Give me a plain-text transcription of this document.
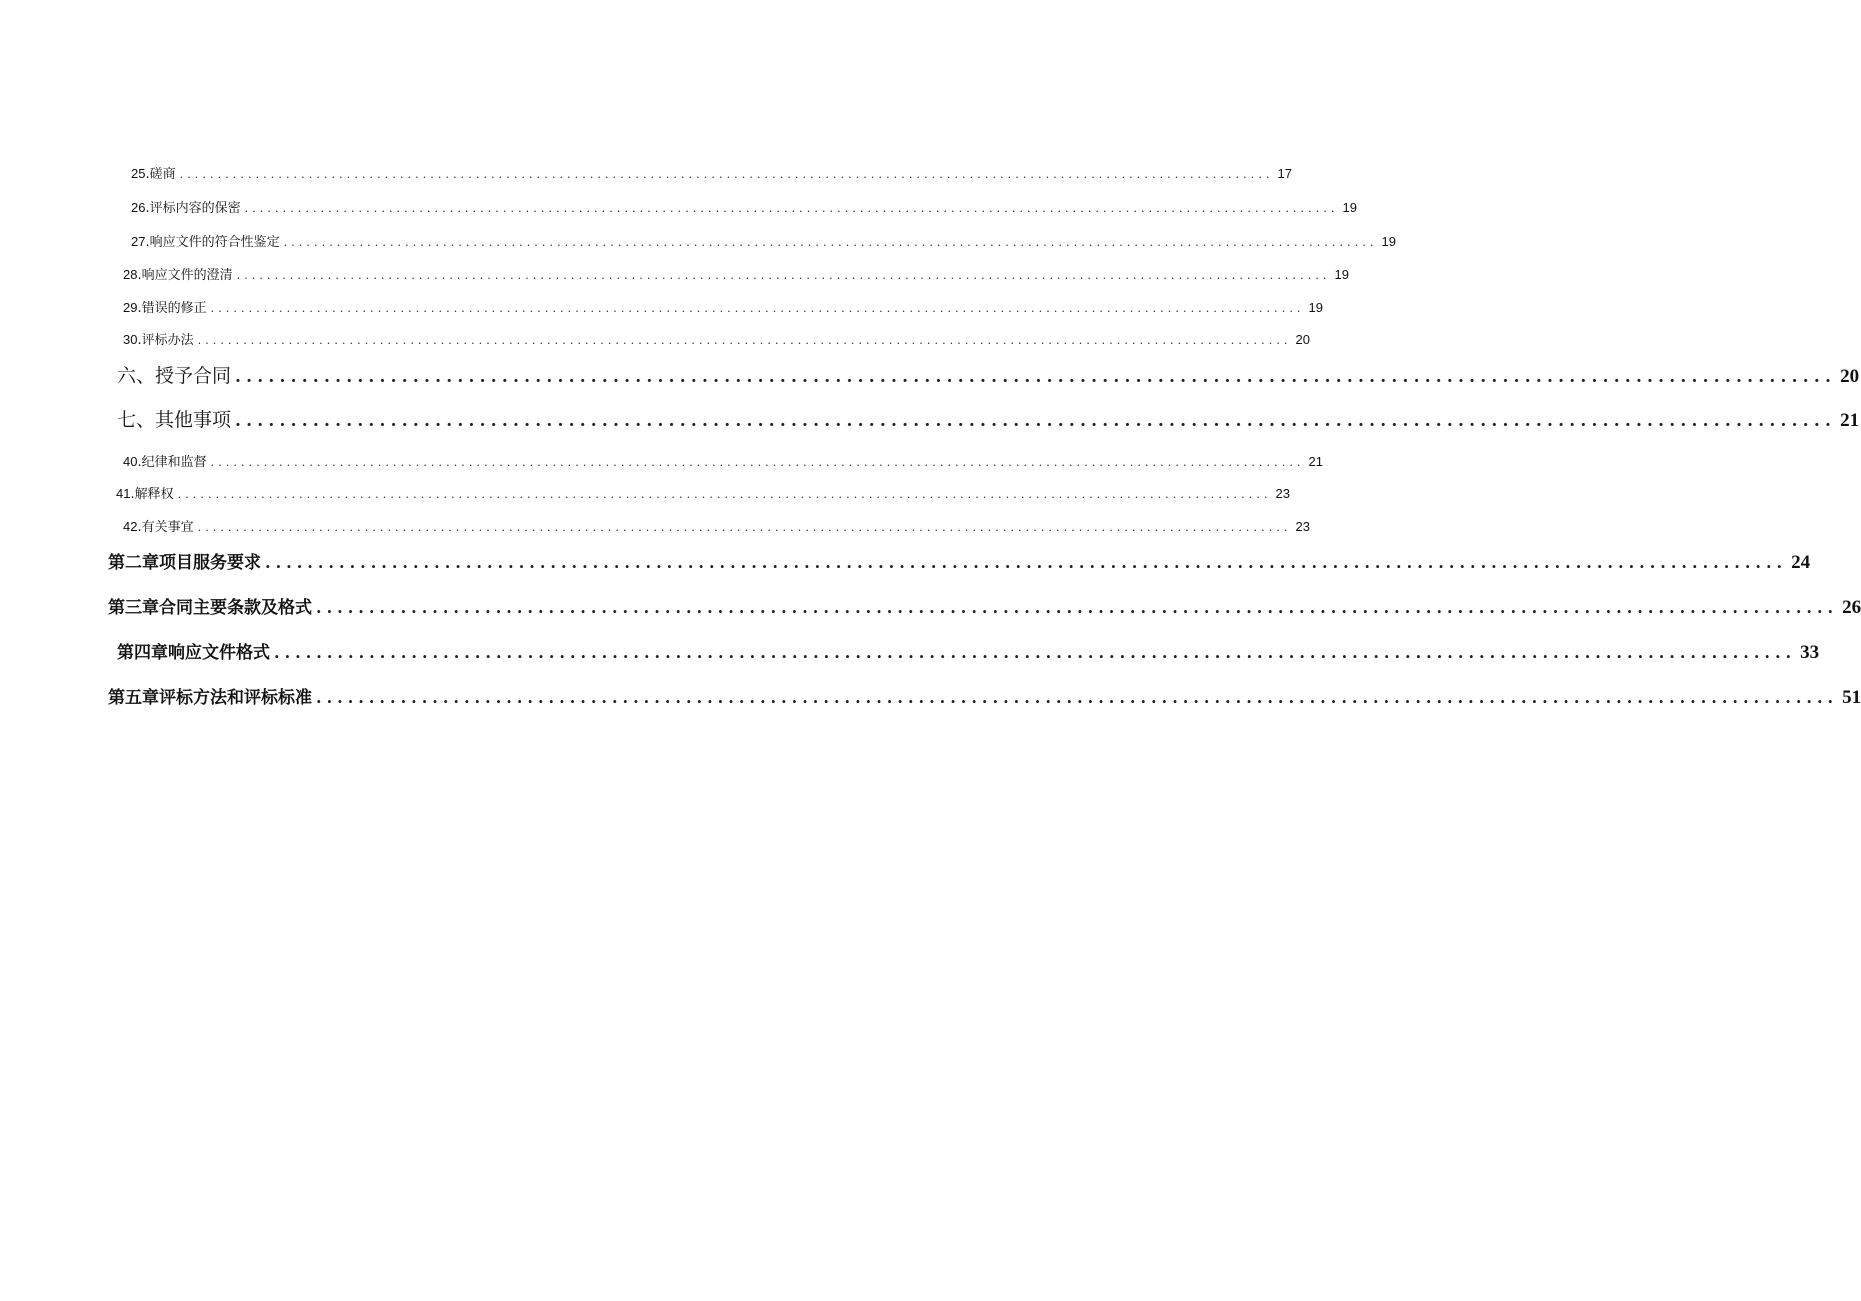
25 .磋商 ................................................................................................................................................ 17
26 .评标内容的保密 ................................................................................................................................................ 19
27 .响应文件的符合性鉴定 ................................................................................................................................................ 19
28 .响应文件的澄清 ................................................................................................................................................ 19
29 .错误的修正 ................................................................................................................................................ 19
30 .评标办法 ................................................................................................................................................ 20
六、授予合同 ................................................................................................................................................ 20
七、其他事项 ................................................................................................................................................ 21
40 .纪律和监督 ................................................................................................................................................ 21
41 .解释权 ................................................................................................................................................ 23
42 .有关事宜 ................................................................................................................................................ 23
第二章项目服务要求 ................................................................................................................................................ 24
第三章合同主要条款及格式 ................................................................................................................................................ 26
第四章响应文件格式 ................................................................................................................................................ 33
第五章评标方法和评标标准 ................................................................................................................................................ 51
